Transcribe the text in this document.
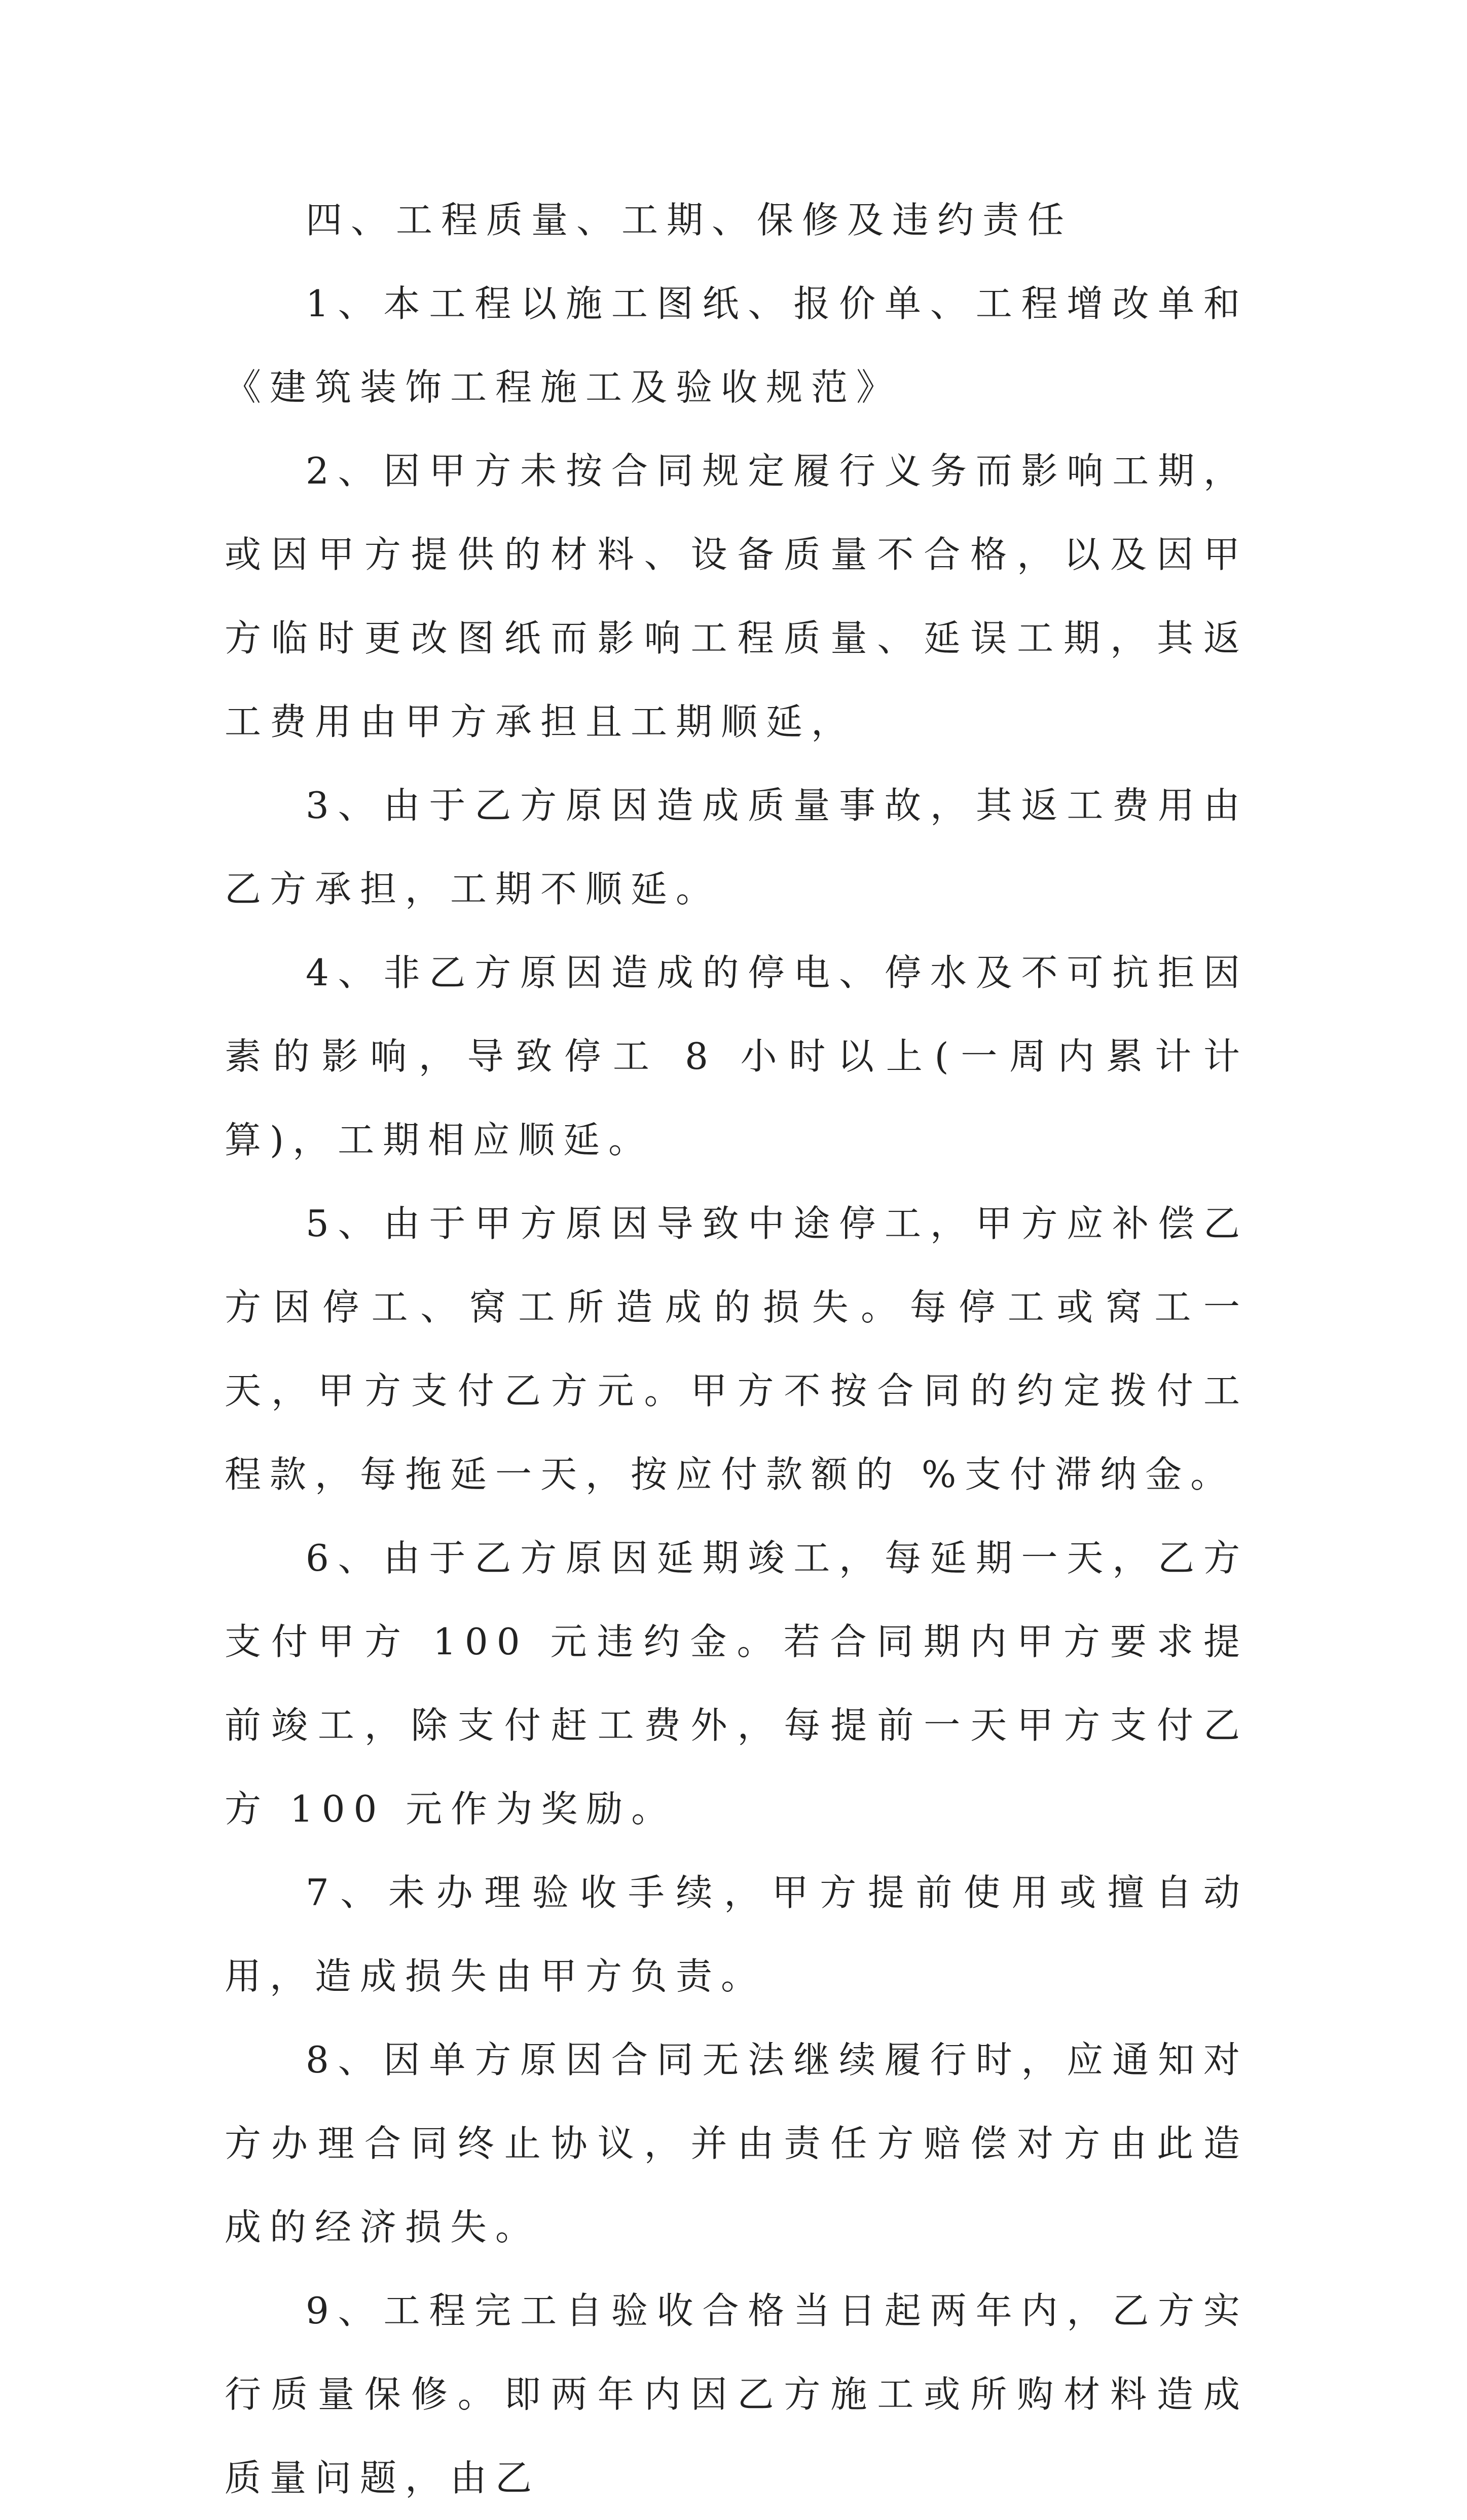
四、工程质量、工期、保修及违约责任

1、本工程以施工图纸、报价单、工程增改单和《建筑装饰工程施工及验收规范》

2、因甲方未按合同规定履行义务而影响工期，或因甲方提供的材料、设备质量不合格，以及因甲方临时更改图纸而影响工程质量、延误工期，其返工费用由甲方承担且工期顺延，

3、由于乙方原因造成质量事故，其返工费用由乙方承担，工期不顺延。

4、非乙方原因造成的停电、停水及不可抗拒因素的影响，导致停工 8 小时以上(一周内累计计算)，工期相应顺延。

5、由于甲方原因导致中途停工，甲方应补偿乙方因停工、窝工所造成的损失。每停工或窝工一天，甲方支付乙方元。甲方不按合同的约定拨付工程款，每拖延一天，按应付款额的 %支付滞纳金。

6、由于乙方原因延期竣工，每延期一天，乙方支付甲方 100 元违约金。若合同期内甲方要求提前竣工，除支付赶工费外，每提前一天甲方支付乙方 100 元作为奖励。

7、未办理验收手续，甲方提前使用或擅自动用，造成损失由甲方负责。

8、因单方原因合同无法继续履行时，应通知对方办理合同终止协议，并由责任方赔偿对方由此造成的经济损失。

9、工程完工自验收合格当日起两年内，乙方实行质量保修。即两年内因乙方施工或所购材料造成质量问题，由乙
